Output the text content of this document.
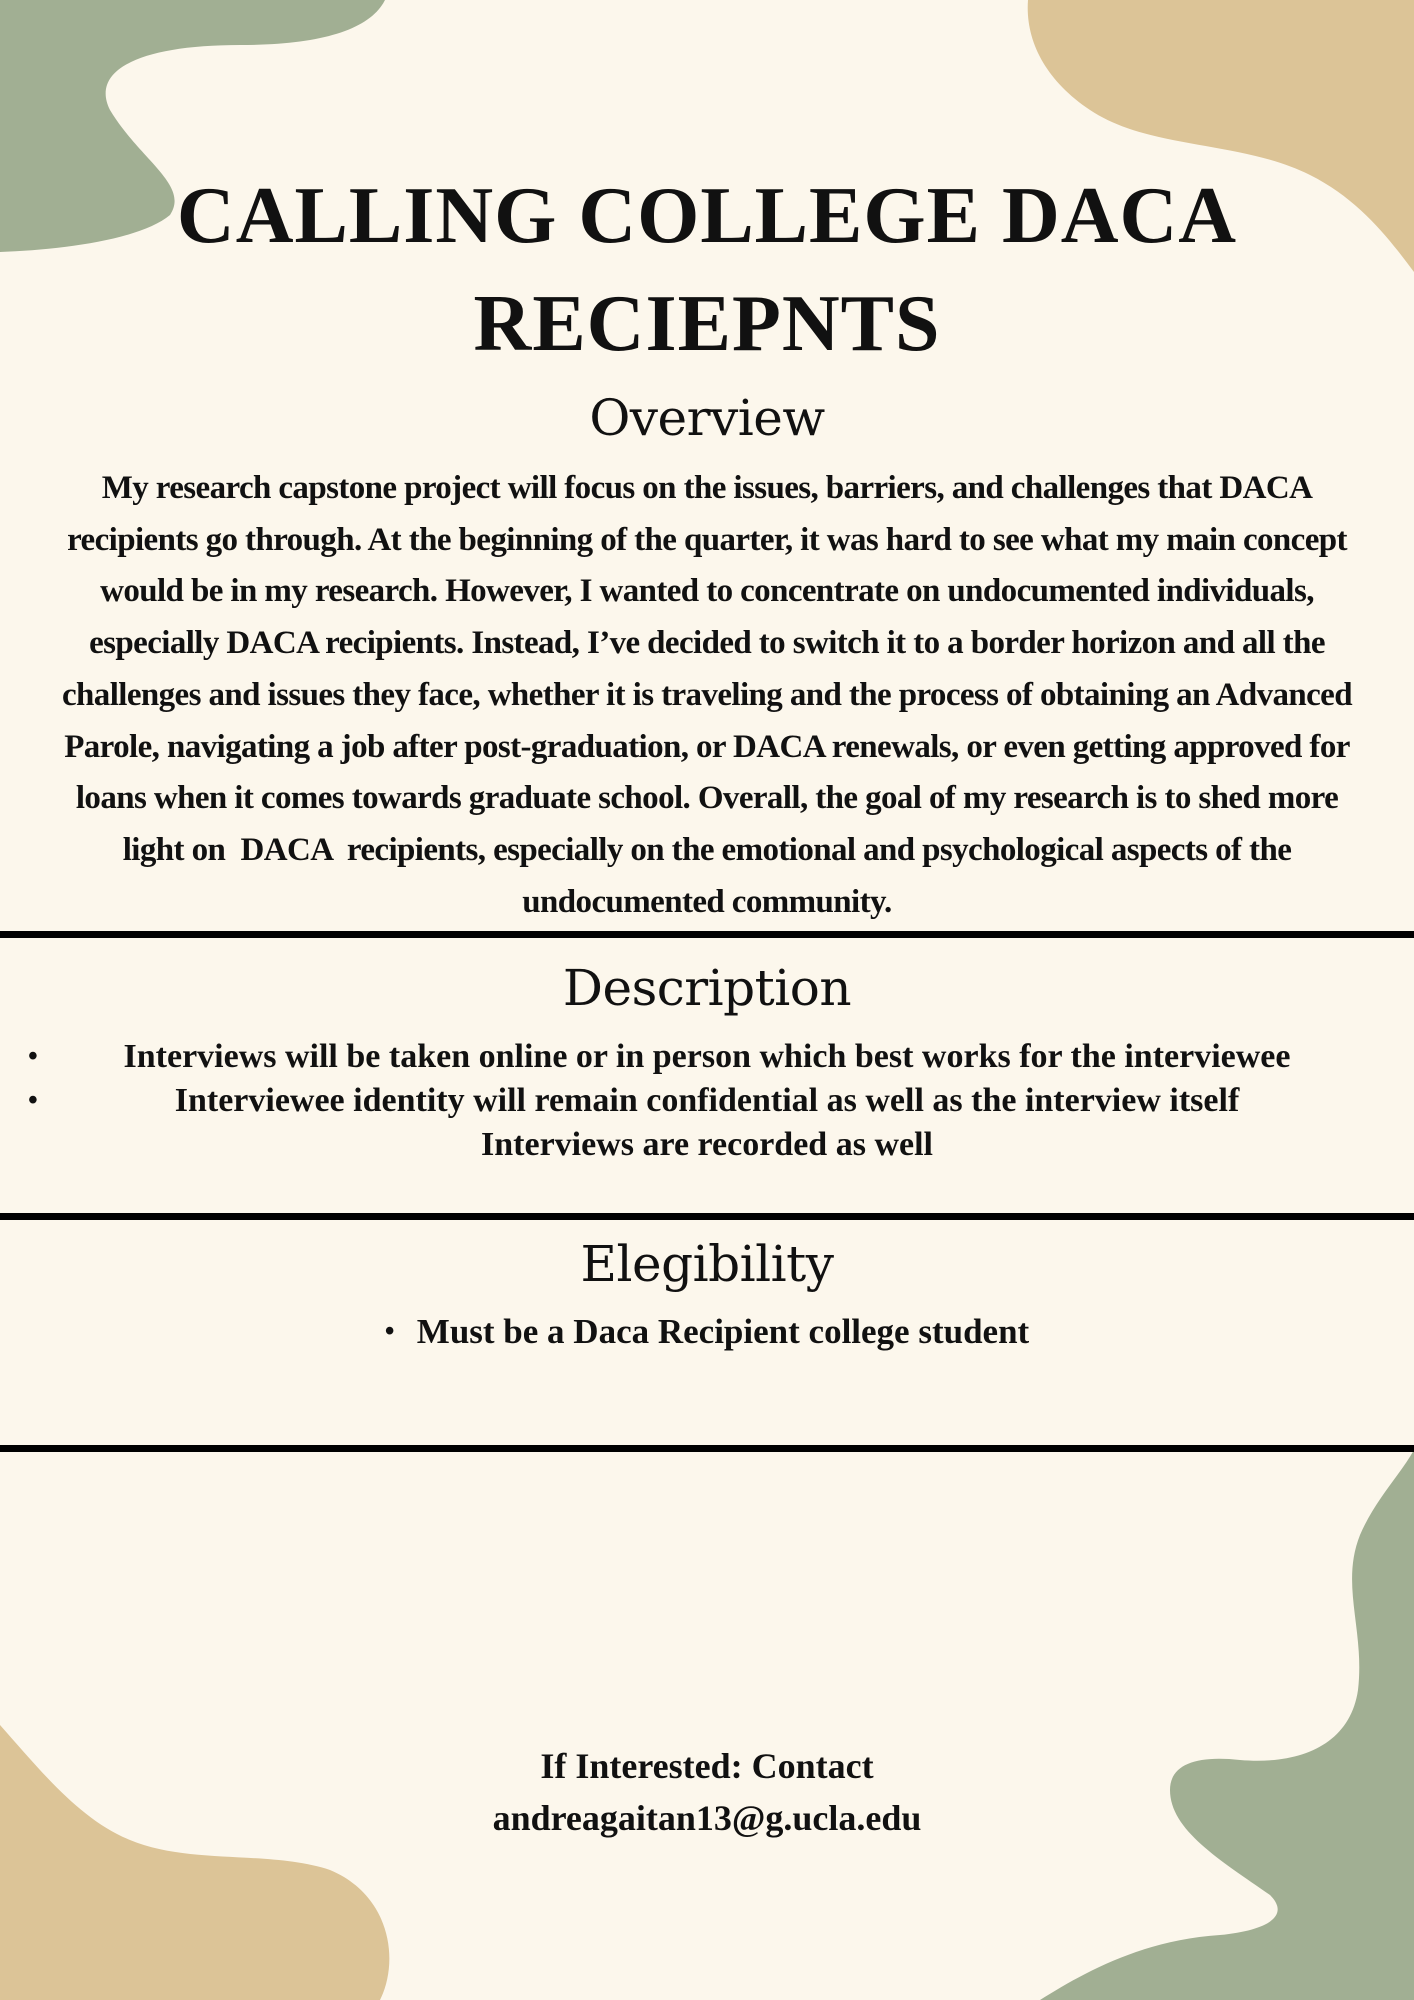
CALLING COLLEGE DACA
RECIEPNTS
Overview
My research capstone project will focus on the issues, barriers, and challenges that DACA
recipients go through. At the beginning of the quarter, it was hard to see what my main concept
would be in my research. However, I wanted to concentrate on undocumented individuals,
especially DACA recipients. Instead, I’ve decided to switch it to a border horizon and all the
challenges and issues they face, whether it is traveling and the process of obtaining an Advanced
Parole, navigating a job after post-graduation, or DACA renewals, or even getting approved for
loans when it comes towards graduate school. Overall, the goal of my research is to shed more
light on  DACA  recipients, especially on the emotional and psychological aspects of the
undocumented community.
Description
•	Interviews will be taken online or in person which best works for the interviewee
•	Interviewee identity will remain confidential as well as the interview itself
Interviews are recorded as well
Elegibility
• Must be a Daca Recipient college student
If Interested: Contact
andreagaitan13@g.ucla.edu
